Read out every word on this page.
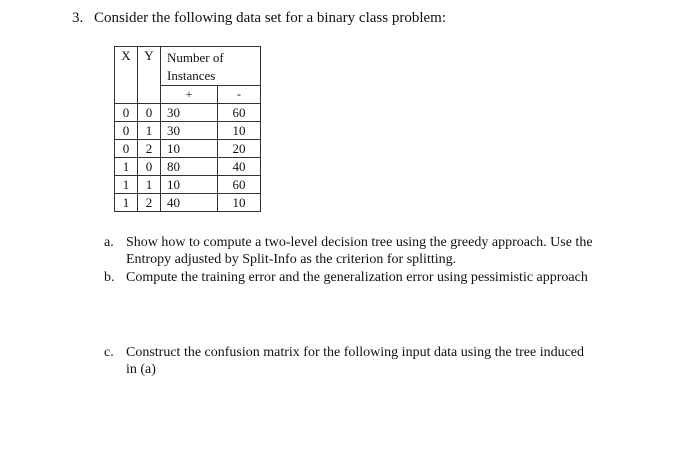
3. Consider the following data set for a binary class problem:
X	Y	Number of Instances	
		+	-
0	0	30	60
0	1	30	10
0	2	10	20
1	0	80	40
1	1	10	60
1	2	40	10
a. Show how to compute a two-level decision tree using the greedy approach. Use the Entropy adjusted by Split-Info as the criterion for splitting.
b. Compute the training error and the generalization error using pessimistic approach
c. Construct the confusion matrix for the following input data using the tree induced in (a)
